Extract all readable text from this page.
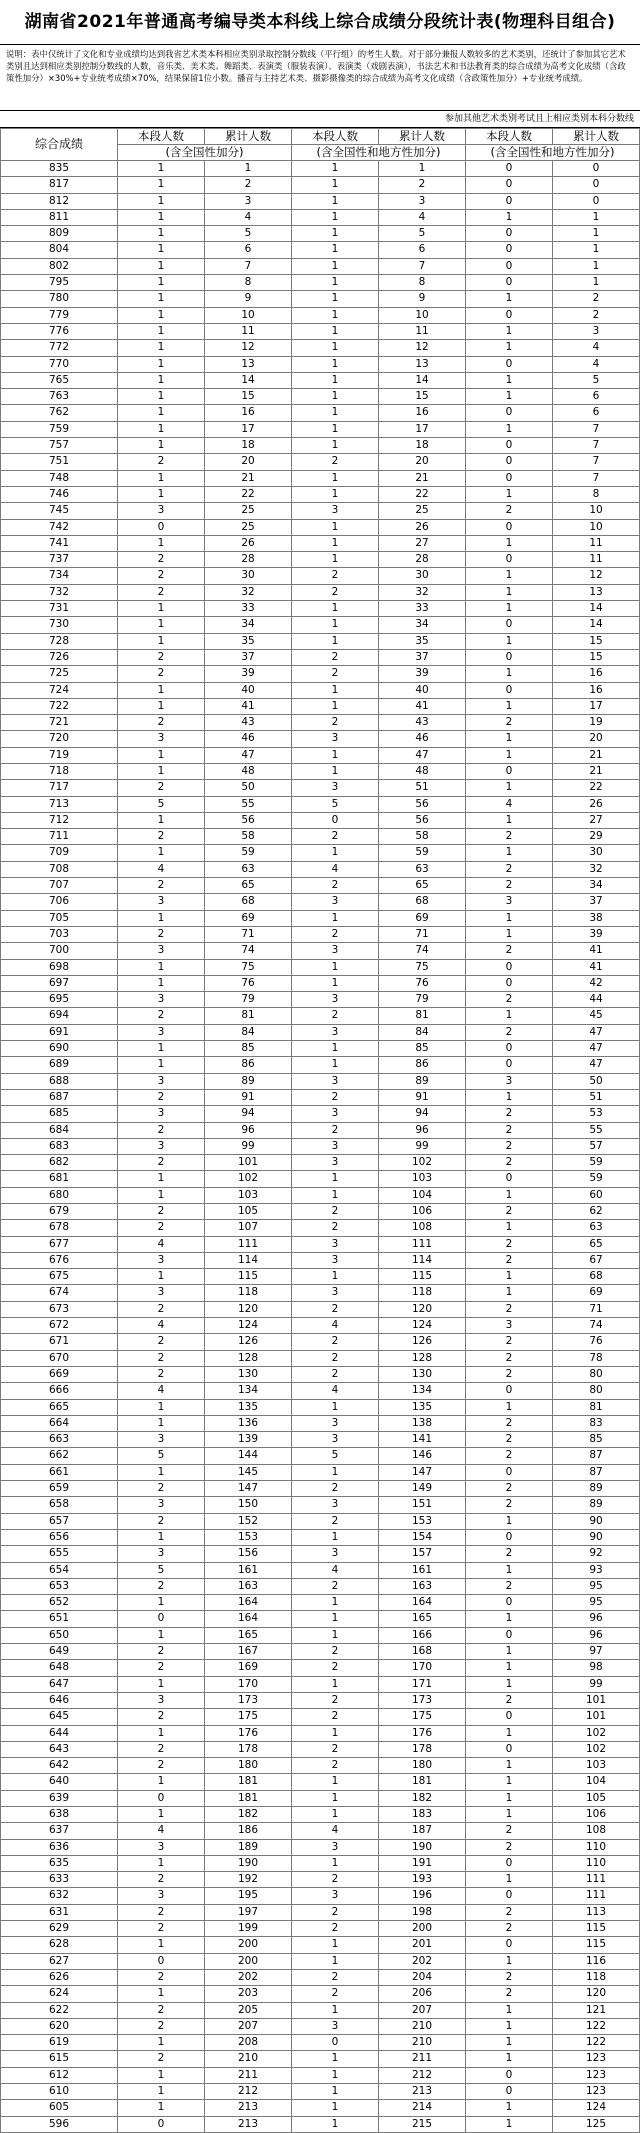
湖南省2021年普通高考编导类本科线上综合成绩分段统计表(物理科目组合)
说明：表中仅统计了文化和专业成绩均达到我省艺术类本科相应类别录取控制分数线（平行组）的考生人数。对于部分兼报人数较多的艺术类别，还统计了参加其它艺术类别且达到相应类别控制分数线的人数，音乐类、美术类、舞蹈类、表演类（服装表演）、表演类（戏剧表演），书法艺术和书法教育类的综合成绩为高考文化成绩（含政策性加分）×30%+专业统考成绩×70%，结果保留1位小数。播音与主持艺术类、摄影摄像类的综合成绩为高考文化成绩（含政策性加分）+专业统考成绩。
参加其他艺术类别考试且上相应类别本科分数线
综合成绩	本段人数	累计人数	本段人数	累计人数	本段人数	累计人数
	(含全国性加分)		(含全国性和地方性加分)		(含全国性和地方性加分)	
835	1	1	1	1	0	0
817	1	2	1	2	0	0
812	1	3	1	3	0	0
811	1	4	1	4	1	1
809	1	5	1	5	0	1
804	1	6	1	6	0	1
802	1	7	1	7	0	1
795	1	8	1	8	0	1
780	1	9	1	9	1	2
779	1	10	1	10	0	2
776	1	11	1	11	1	3
772	1	12	1	12	1	4
770	1	13	1	13	0	4
765	1	14	1	14	1	5
763	1	15	1	15	1	6
762	1	16	1	16	0	6
759	1	17	1	17	1	7
757	1	18	1	18	0	7
751	2	20	2	20	0	7
748	1	21	1	21	0	7
746	1	22	1	22	1	8
745	3	25	3	25	2	10
742	0	25	1	26	0	10
741	1	26	1	27	1	11
737	2	28	1	28	0	11
734	2	30	2	30	1	12
732	2	32	2	32	1	13
731	1	33	1	33	1	14
730	1	34	1	34	0	14
728	1	35	1	35	1	15
726	2	37	2	37	0	15
725	2	39	2	39	1	16
724	1	40	1	40	0	16
722	1	41	1	41	1	17
721	2	43	2	43	2	19
720	3	46	3	46	1	20
719	1	47	1	47	1	21
718	1	48	1	48	0	21
717	2	50	3	51	1	22
713	5	55	5	56	4	26
712	1	56	0	56	1	27
711	2	58	2	58	2	29
709	1	59	1	59	1	30
708	4	63	4	63	2	32
707	2	65	2	65	2	34
706	3	68	3	68	3	37
705	1	69	1	69	1	38
703	2	71	2	71	1	39
700	3	74	3	74	2	41
698	1	75	1	75	0	41
697	1	76	1	76	0	42
695	3	79	3	79	2	44
694	2	81	2	81	1	45
691	3	84	3	84	2	47
690	1	85	1	85	0	47
689	1	86	1	86	0	47
688	3	89	3	89	3	50
687	2	91	2	91	1	51
685	3	94	3	94	2	53
684	2	96	2	96	2	55
683	3	99	3	99	2	57
682	2	101	3	102	2	59
681	1	102	1	103	0	59
680	1	103	1	104	1	60
679	2	105	2	106	2	62
678	2	107	2	108	1	63
677	4	111	3	111	2	65
676	3	114	3	114	2	67
675	1	115	1	115	1	68
674	3	118	3	118	1	69
673	2	120	2	120	2	71
672	4	124	4	124	3	74
671	2	126	2	126	2	76
670	2	128	2	128	2	78
669	2	130	2	130	2	80
666	4	134	4	134	0	80
665	1	135	1	135	1	81
664	1	136	3	138	2	83
663	3	139	3	141	2	85
662	5	144	5	146	2	87
661	1	145	1	147	0	87
659	2	147	2	149	2	89
658	3	150	3	151	2	89
657	2	152	2	153	1	90
656	1	153	1	154	0	90
655	3	156	3	157	2	92
654	5	161	4	161	1	93
653	2	163	2	163	2	95
652	1	164	1	164	0	95
651	0	164	1	165	1	96
650	1	165	1	166	0	96
649	2	167	2	168	1	97
648	2	169	2	170	1	98
647	1	170	1	171	1	99
646	3	173	2	173	2	101
645	2	175	2	175	0	101
644	1	176	1	176	1	102
643	2	178	2	178	0	102
642	2	180	2	180	1	103
640	1	181	1	181	1	104
639	0	181	1	182	1	105
638	1	182	1	183	1	106
637	4	186	4	187	2	108
636	3	189	3	190	2	110
635	1	190	1	191	0	110
633	2	192	2	193	1	111
632	3	195	3	196	0	111
631	2	197	2	198	2	113
629	2	199	2	200	2	115
628	1	200	1	201	0	115
627	0	200	1	202	1	116
626	2	202	2	204	2	118
624	1	203	2	206	2	120
622	2	205	1	207	1	121
620	2	207	3	210	1	122
619	1	208	0	210	1	122
615	2	210	1	211	1	123
612	1	211	1	212	0	123
610	1	212	1	213	0	123
605	1	213	1	214	1	124
596	0	213	1	215	1	125
